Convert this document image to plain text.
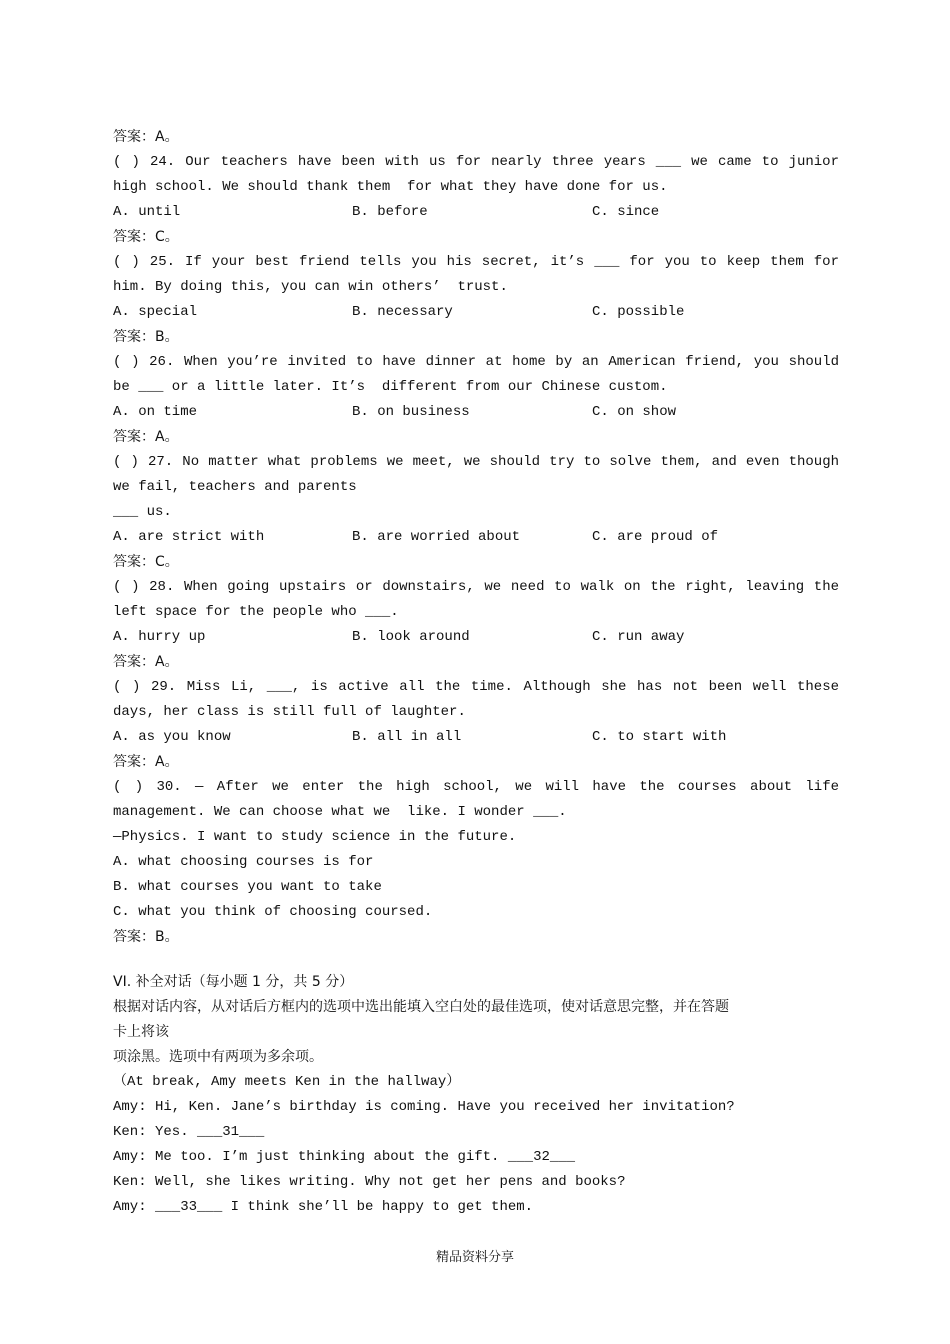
答案：A。
( ) 24. Our teachers have been with us for nearly three years ___ we came to junior
high school. We should thank them  for what they have done for us.
A. until	B. before	C. since
答案：C。
( ) 25. If your best friend tells you his secret, it’s ___ for you to keep them for
him. By doing this, you can win others’  trust.
A. special	B. necessary	C. possible
答案：B。
( ) 26. When you’re invited to have dinner at home by an American friend, you should
be ___ or a little later. It’s  different from our Chinese custom.
A. on time	B. on business	C. on show
答案：A。
( ) 27. No matter what problems we meet, we should try to solve them, and even though
we fail, teachers and parents
___ us.
A. are strict with	B. are worried about	C. are proud of
答案：C。
( ) 28. When going upstairs or downstairs, we need to walk on the right, leaving the
left space for the people who ___.
A. hurry up	B. look around	C. run away
答案：A。
( ) 29. Miss Li, ___, is active all the time. Although she has not been well these
days, her class is still full of laughter.
A. as you know	B. all in all	C. to start with
答案：A。
( ) 30. — After we enter the high school, we will have the courses about life
management. We can choose what we  like. I wonder ___.
—Physics. I want to study science in the future.
A. what choosing courses is for
B. what courses you want to take
C. what you think of choosing coursed.
答案：B。
VI. 补全对话（每小题 1 分，共 5 分）
根据对话内容，从对话后方框内的选项中选出能填入空白处的最佳选项，使对话意思完整，并在答题
卡上将该
项涂黑。选项中有两项为多余项。
（At break, Amy meets Ken in the hallway）
Amy: Hi, Ken. Jane’s birthday is coming. Have you received her invitation?
Ken: Yes. ___31___
Amy: Me too. I’m just thinking about the gift. ___32___
Ken: Well, she likes writing. Why not get her pens and books?
Amy: ___33___ I think she’ll be happy to get them.
精品资料分享
